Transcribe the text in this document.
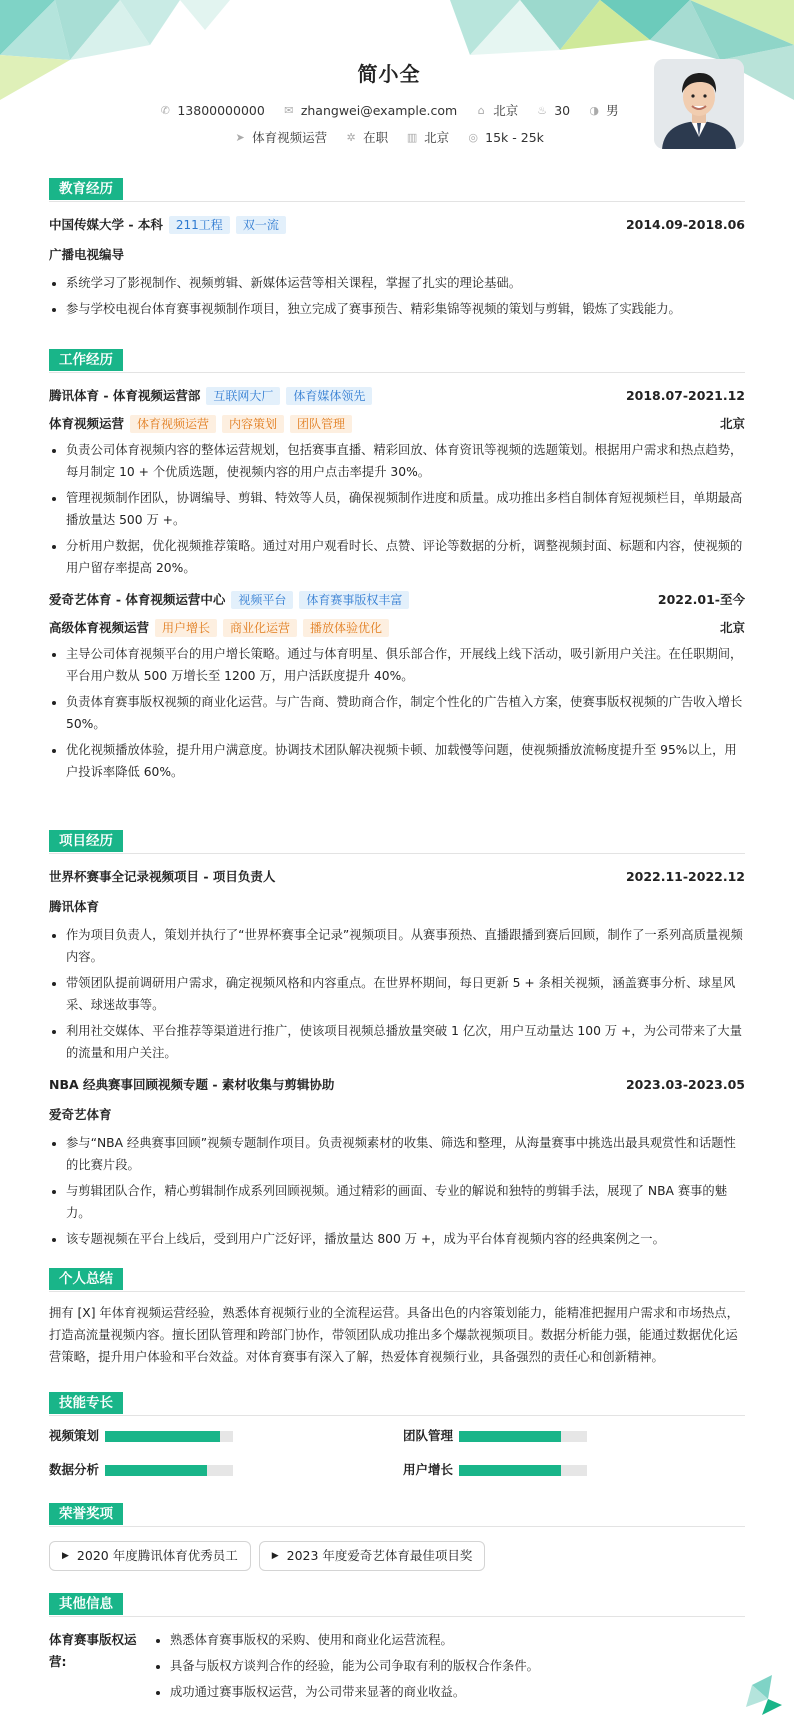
简小全
✆ 13800000000 ✉ zhangwei@example.com ⌂ 北京 ♨ 30 ◑ 男
➤ 体育视频运营 ✲ 在职 ▥ 北京 ◎ 15k - 25k
教育经历
中国传媒大学 - 本科	211工程	双一流	2014.09-2018.06
广播电视编导
系统学习了影视制作、视频剪辑、新媒体运营等相关课程，掌握了扎实的理论基础。
参与学校电视台体育赛事视频制作项目，独立完成了赛事预告、精彩集锦等视频的策划与剪辑，锻炼了实践能力。
工作经历
腾讯体育 - 体育视频运营部	互联网大厂	体育媒体领先	2018.07-2021.12
体育视频运营	体育视频运营	内容策划	团队管理	北京
负责公司体育视频内容的整体运营规划，包括赛事直播、精彩回放、体育资讯等视频的选题策划。根据用户需求和热点趋势，每月制定 10 + 个优质选题，使视频内容的用户点击率提升 30%。
管理视频制作团队，协调编导、剪辑、特效等人员，确保视频制作进度和质量。成功推出多档自制体育短视频栏目，单期最高播放量达 500 万 +。
分析用户数据，优化视频推荐策略。通过对用户观看时长、点赞、评论等数据的分析，调整视频封面、标题和内容，使视频的用户留存率提高 20%。
爱奇艺体育 - 体育视频运营中心	视频平台	体育赛事版权丰富	2022.01-至今
高级体育视频运营	用户增长	商业化运营	播放体验优化	北京
主导公司体育视频平台的用户增长策略。通过与体育明星、俱乐部合作，开展线上线下活动，吸引新用户关注。在任职期间，平台用户数从 500 万增长至 1200 万，用户活跃度提升 40%。
负责体育赛事版权视频的商业化运营。与广告商、赞助商合作，制定个性化的广告植入方案，使赛事版权视频的广告收入增长 50%。
优化视频播放体验，提升用户满意度。协调技术团队解决视频卡顿、加载慢等问题，使视频播放流畅度提升至 95%以上，用户投诉率降低 60%。
项目经历
世界杯赛事全记录视频项目 - 项目负责人	2022.11-2022.12
腾讯体育
作为项目负责人，策划并执行了“世界杯赛事全记录”视频项目。从赛事预热、直播跟播到赛后回顾，制作了一系列高质量视频内容。
带领团队提前调研用户需求，确定视频风格和内容重点。在世界杯期间，每日更新 5 + 条相关视频，涵盖赛事分析、球星风采、球迷故事等。
利用社交媒体、平台推荐等渠道进行推广，使该项目视频总播放量突破 1 亿次，用户互动量达 100 万 +，为公司带来了大量的流量和用户关注。
NBA 经典赛事回顾视频专题 - 素材收集与剪辑协助	2023.03-2023.05
爱奇艺体育
参与“NBA 经典赛事回顾”视频专题制作项目。负责视频素材的收集、筛选和整理，从海量赛事中挑选出最具观赏性和话题性的比赛片段。
与剪辑团队合作，精心剪辑制作成系列回顾视频。通过精彩的画面、专业的解说和独特的剪辑手法，展现了 NBA 赛事的魅力。
该专题视频在平台上线后，受到用户广泛好评，播放量达 800 万 +，成为平台体育视频内容的经典案例之一。
个人总结
拥有 [X] 年体育视频运营经验，熟悉体育视频行业的全流程运营。具备出色的内容策划能力，能精准把握用户需求和市场热点，打造高流量视频内容。擅长团队管理和跨部门协作，带领团队成功推出多个爆款视频项目。数据分析能力强，能通过数据优化运营策略，提升用户体验和平台效益。对体育赛事有深入了解，热爱体育视频行业，具备强烈的责任心和创新精神。
技能专长
视频策划	团队管理
数据分析	用户增长
荣誉奖项
▶ 2020 年度腾讯体育优秀员工	▶ 2023 年度爱奇艺体育最佳项目奖
其他信息
体育赛事版权运营:
熟悉体育赛事版权的采购、使用和商业化运营流程。
具备与版权方谈判合作的经验，能为公司争取有利的版权合作条件。
成功通过赛事版权运营，为公司带来显著的商业收益。
